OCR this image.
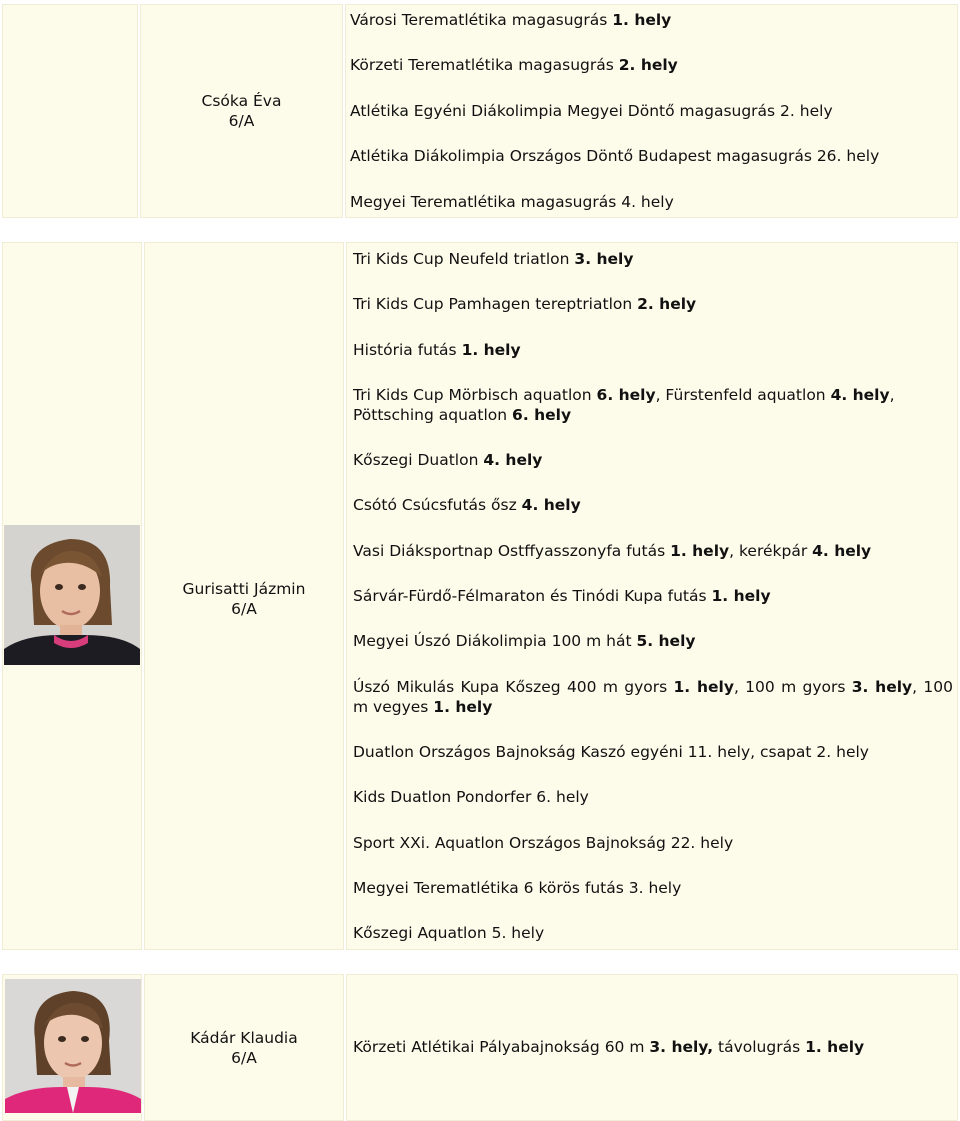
Csóka Éva
6/A
Városi Terematlétika magasugrás 1. hely
Körzeti Terematlétika magasugrás 2. hely
Atlétika Egyéni Diákolimpia Megyei Döntő magasugrás 2. hely
Atlétika Diákolimpia Országos Döntő Budapest magasugrás 26. hely
Megyei Terematlétika magasugrás 4. hely
Gurisatti Jázmin
6/A
Tri Kids Cup Neufeld triatlon 3. hely
Tri Kids Cup Pamhagen tereptriatlon 2. hely
História futás 1. hely
Tri Kids Cup Mörbisch aquatlon 6. hely, Fürstenfeld aquatlon 4. hely, Pöttsching aquatlon 6. hely
Kőszegi Duatlon 4. hely
Csótó Csúcsfutás ősz 4. hely
Vasi Diáksportnap Ostffyasszonyfa futás 1. hely, kerékpár 4. hely
Sárvár-Fürdő-Félmaraton és Tinódi Kupa futás 1. hely
Megyei Úszó Diákolimpia 100 m hát 5. hely
Úszó Mikulás Kupa Kőszeg 400 m gyors 1. hely, 100 m gyors 3. hely, 100 m vegyes 1. hely
Duatlon Országos Bajnokság Kaszó egyéni 11. hely, csapat 2. hely
Kids Duatlon Pondorfer 6. hely
Sport XXi. Aquatlon Országos Bajnokság 22. hely
Megyei Terematlétika 6 körös futás 3. hely
Kőszegi Aquatlon 5. hely
Kádár Klaudia
6/A
Körzeti Atlétikai Pályabajnokság 60 m 3. hely, távolugrás 1. hely
